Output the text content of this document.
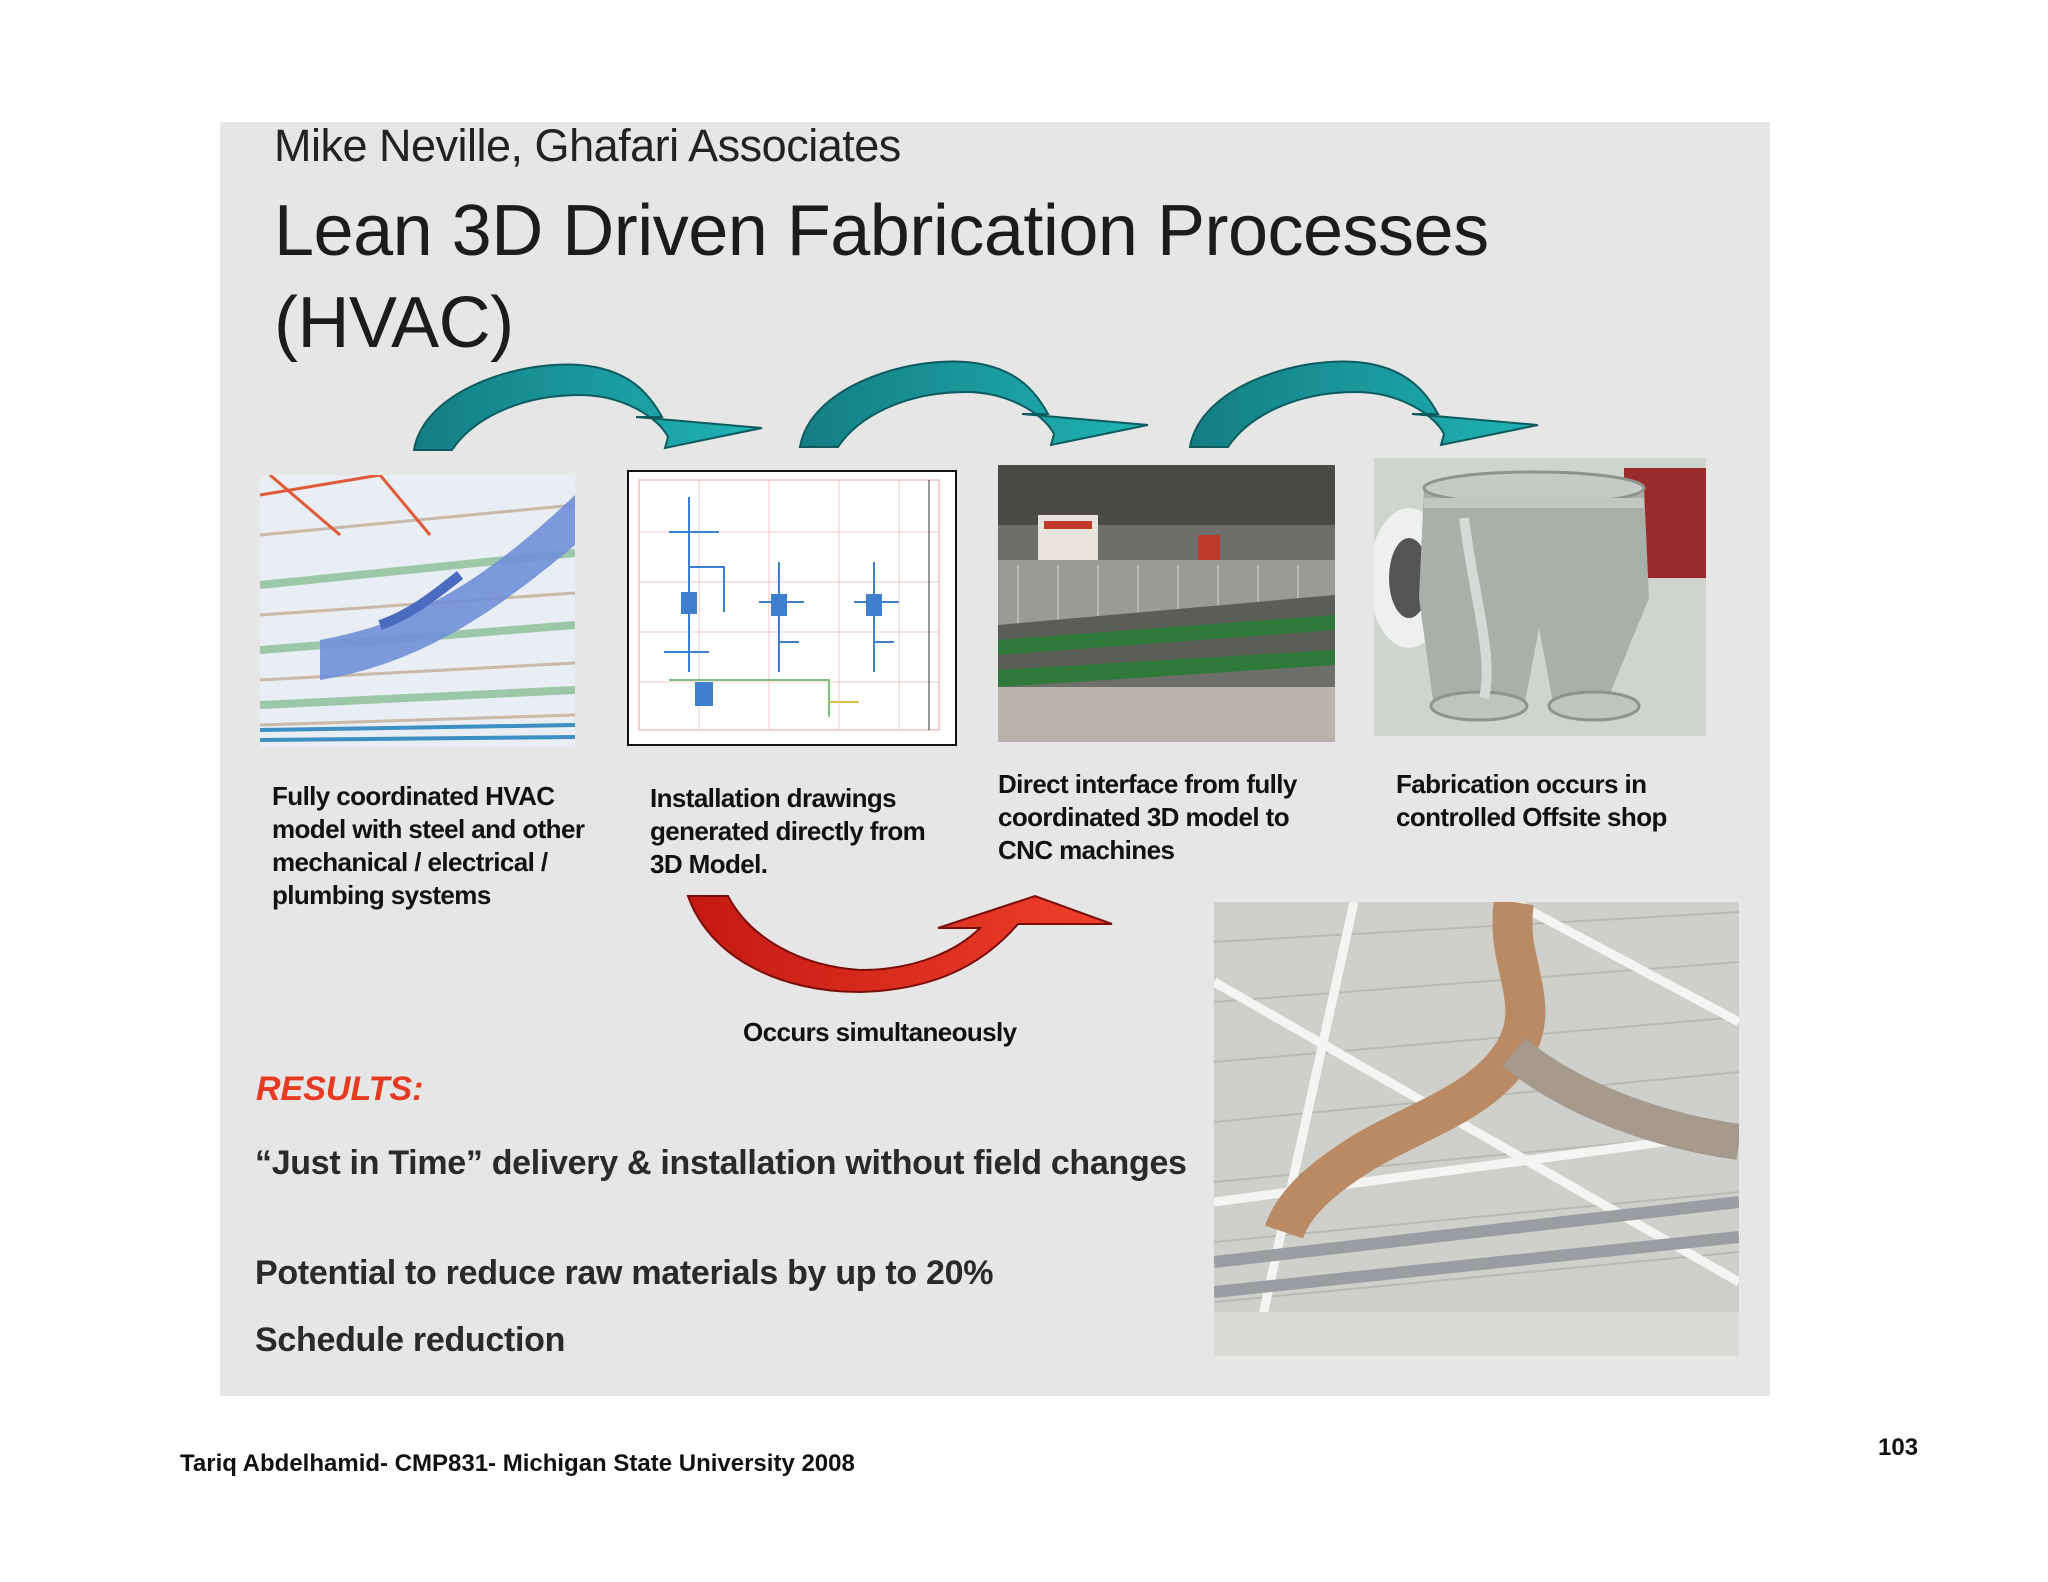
Mike Neville, Ghafari Associates
Lean 3D Driven Fabrication Processes (HVAC)
Fully coordinated HVAC model with steel and other mechanical / electrical / plumbing systems
Installation drawings generated directly from 3D Model.
Direct interface from fully coordinated 3D model to CNC machines
Fabrication occurs in controlled Offsite shop
Occurs simultaneously
RESULTS:
“Just in Time” delivery & installation without field changes
Potential to reduce raw materials by up to 20%
Schedule reduction
Tariq Abdelhamid- CMP831- Michigan State University 2008
103
